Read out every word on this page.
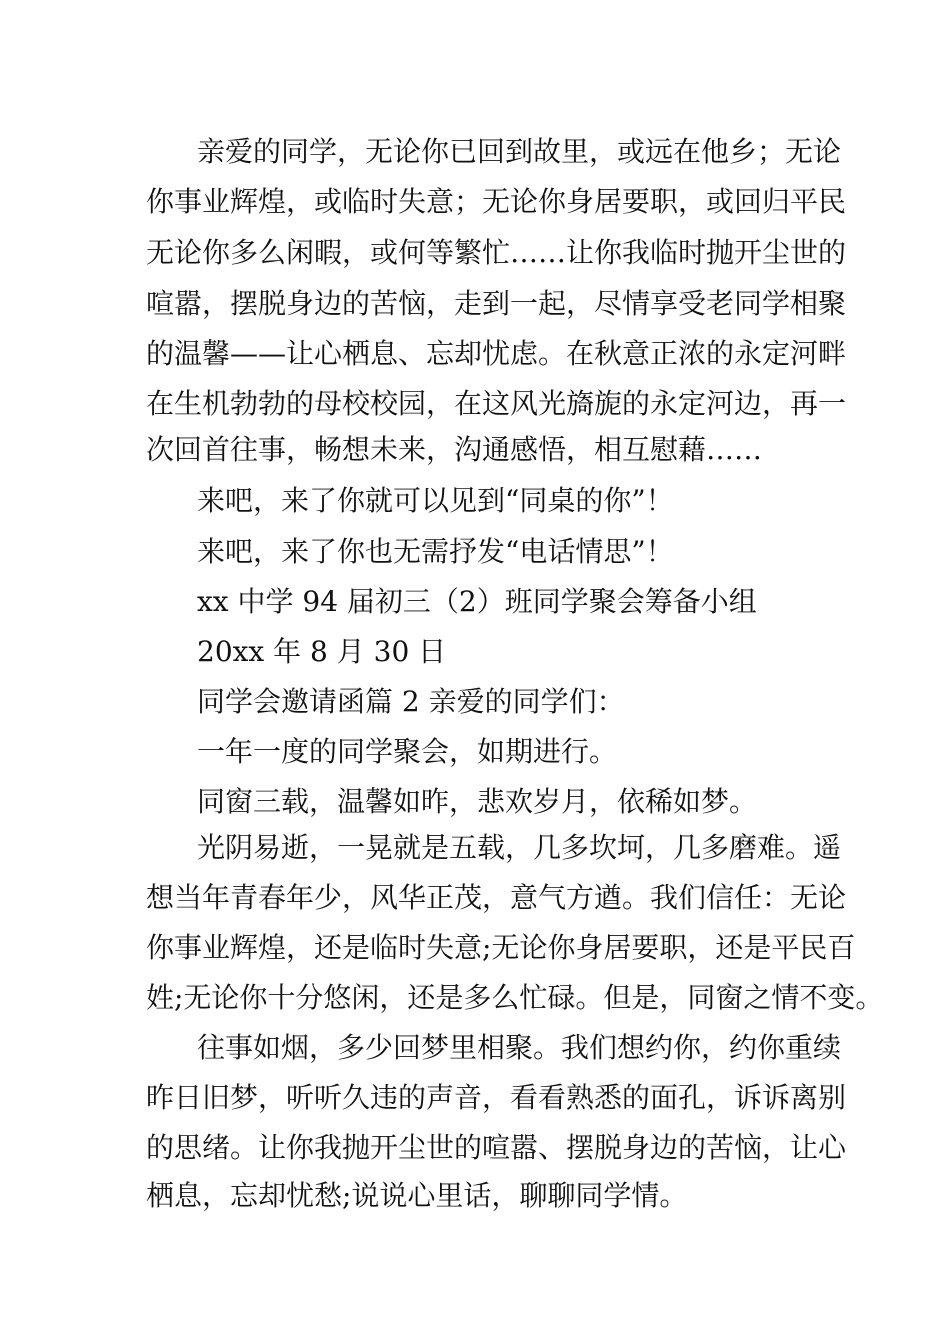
亲爱的同学，无论你已回到故里，或远在他乡；无论
你事业辉煌，或临时失意；无论你身居要职，或回归平民
无论你多么闲暇，或何等繁忙……让你我临时抛开尘世的
喧嚣，摆脱身边的苦恼，走到一起，尽情享受老同学相聚
的温馨——让心栖息、忘却忧虑。在秋意正浓的永定河畔
在生机勃勃的母校校园，在这风光旖旎的永定河边，再一
次回首往事，畅想未来，沟通感悟，相互慰藉……
来吧，来了你就可以见到“同桌的你”！
来吧，来了你也无需抒发“电话情思”！
xx 中学 94 届初三（2）班同学聚会筹备小组
20xx 年 8 月 30 日
同学会邀请函篇 2 亲爱的同学们：
一年一度的同学聚会，如期进行。
同窗三载，温馨如昨，悲欢岁月，依稀如梦。
光阴易逝，一晃就是五载，几多坎坷，几多磨难。遥
想当年青春年少，风华正茂，意气方遒。我们信任：无论
你事业辉煌，还是临时失意;无论你身居要职，还是平民百
姓;无论你十分悠闲，还是多么忙碌。但是，同窗之情不变。
往事如烟，多少回梦里相聚。我们想约你，约你重续
昨日旧梦，听听久违的声音，看看熟悉的面孔，诉诉离别
的思绪。让你我抛开尘世的喧嚣、摆脱身边的苦恼，让心
栖息，忘却忧愁;说说心里话，聊聊同学情。
